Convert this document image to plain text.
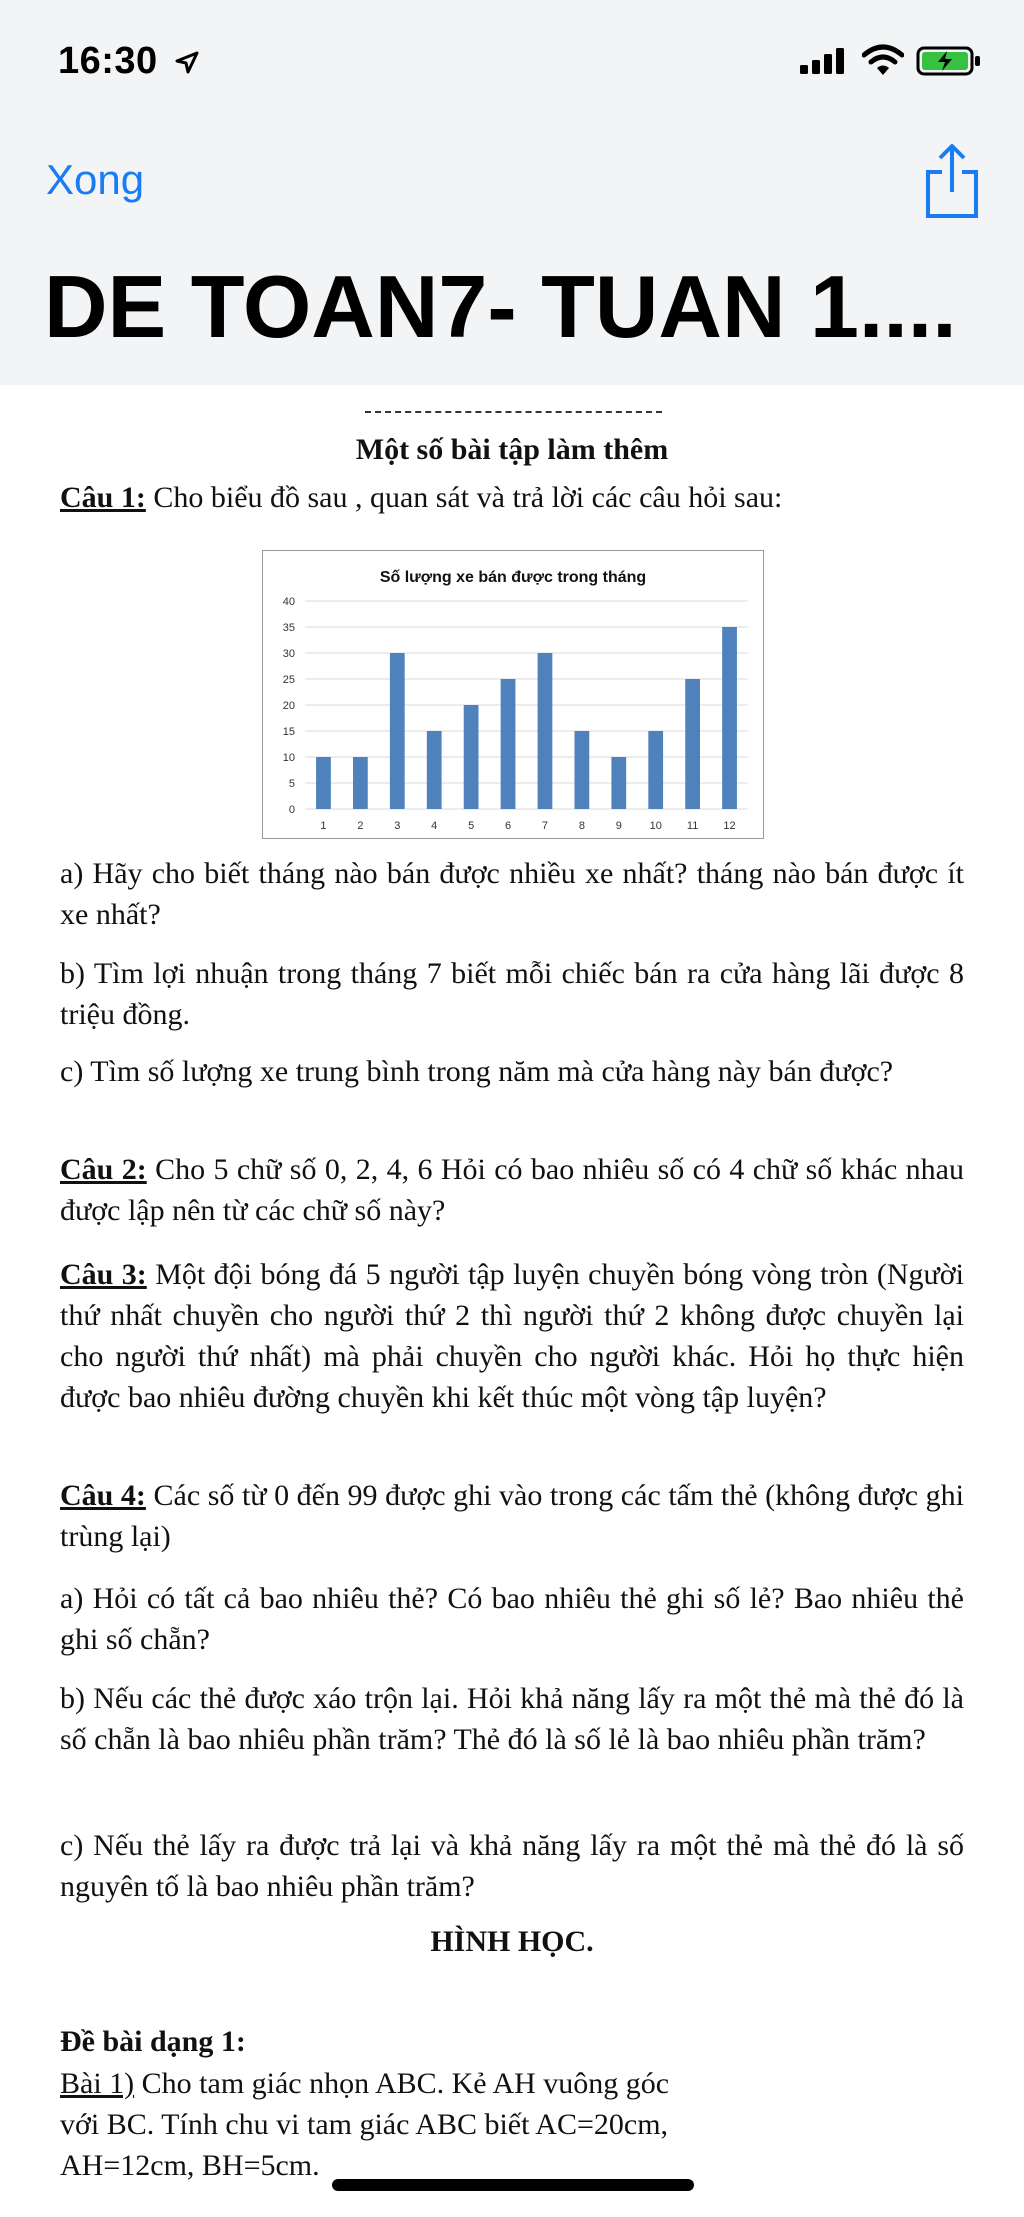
16:30
Xong
DE TOAN7- TUAN 1....
Một số bài tập làm thêm
Câu 1: Cho biểu đồ sau , quan sát và trả lời các câu hỏi sau:
Số lượng xe bán được trong tháng
0
5
10
15
20
25
30
35
40
1	2	3	4	5	6	7	8	9	10 11 12
a) Hãy cho biết tháng nào bán được nhiều xe nhất? tháng nào bán được ít xe nhất?
b) Tìm lợi nhuận trong tháng 7 biết mỗi chiếc bán ra cửa hàng lãi được 8 triệu đồng.
c) Tìm số lượng xe trung bình trong năm mà cửa hàng này bán được?
Câu 2: Cho 5 chữ số 0, 2, 4, 6 Hỏi có bao nhiêu số có 4 chữ số khác nhau được lập nên từ các chữ số này?
Câu 3: Một đội bóng đá 5 người tập luyện chuyền bóng vòng tròn (Người thứ nhất chuyền cho người thứ 2 thì người thứ 2 không được chuyền lại cho người thứ nhất) mà phải chuyền cho người khác. Hỏi họ thực hiện được bao nhiêu đường chuyền khi kết thúc một vòng tập luyện?
Câu 4: Các số từ 0 đến 99 được ghi vào trong các tấm thẻ (không được ghi trùng lại)
a) Hỏi có tất cả bao nhiêu thẻ? Có bao nhiêu thẻ ghi số lẻ? Bao nhiêu thẻ ghi số chẵn?
b) Nếu các thẻ được xáo trộn lại. Hỏi khả năng lấy ra một thẻ mà thẻ đó là số chẵn là bao nhiêu phần trăm? Thẻ đó là số lẻ là bao nhiêu phần trăm?
c) Nếu thẻ lấy ra được trả lại và khả năng lấy ra một thẻ mà thẻ đó là số nguyên tố là bao nhiêu phần trăm?
HÌNH HỌC.
Đề bài dạng 1:
Bài 1) Cho tam giác nhọn ABC. Kẻ AH vuông góc
với BC. Tính chu vi tam giác ABC biết AC=20cm,
AH=12cm, BH=5cm.
